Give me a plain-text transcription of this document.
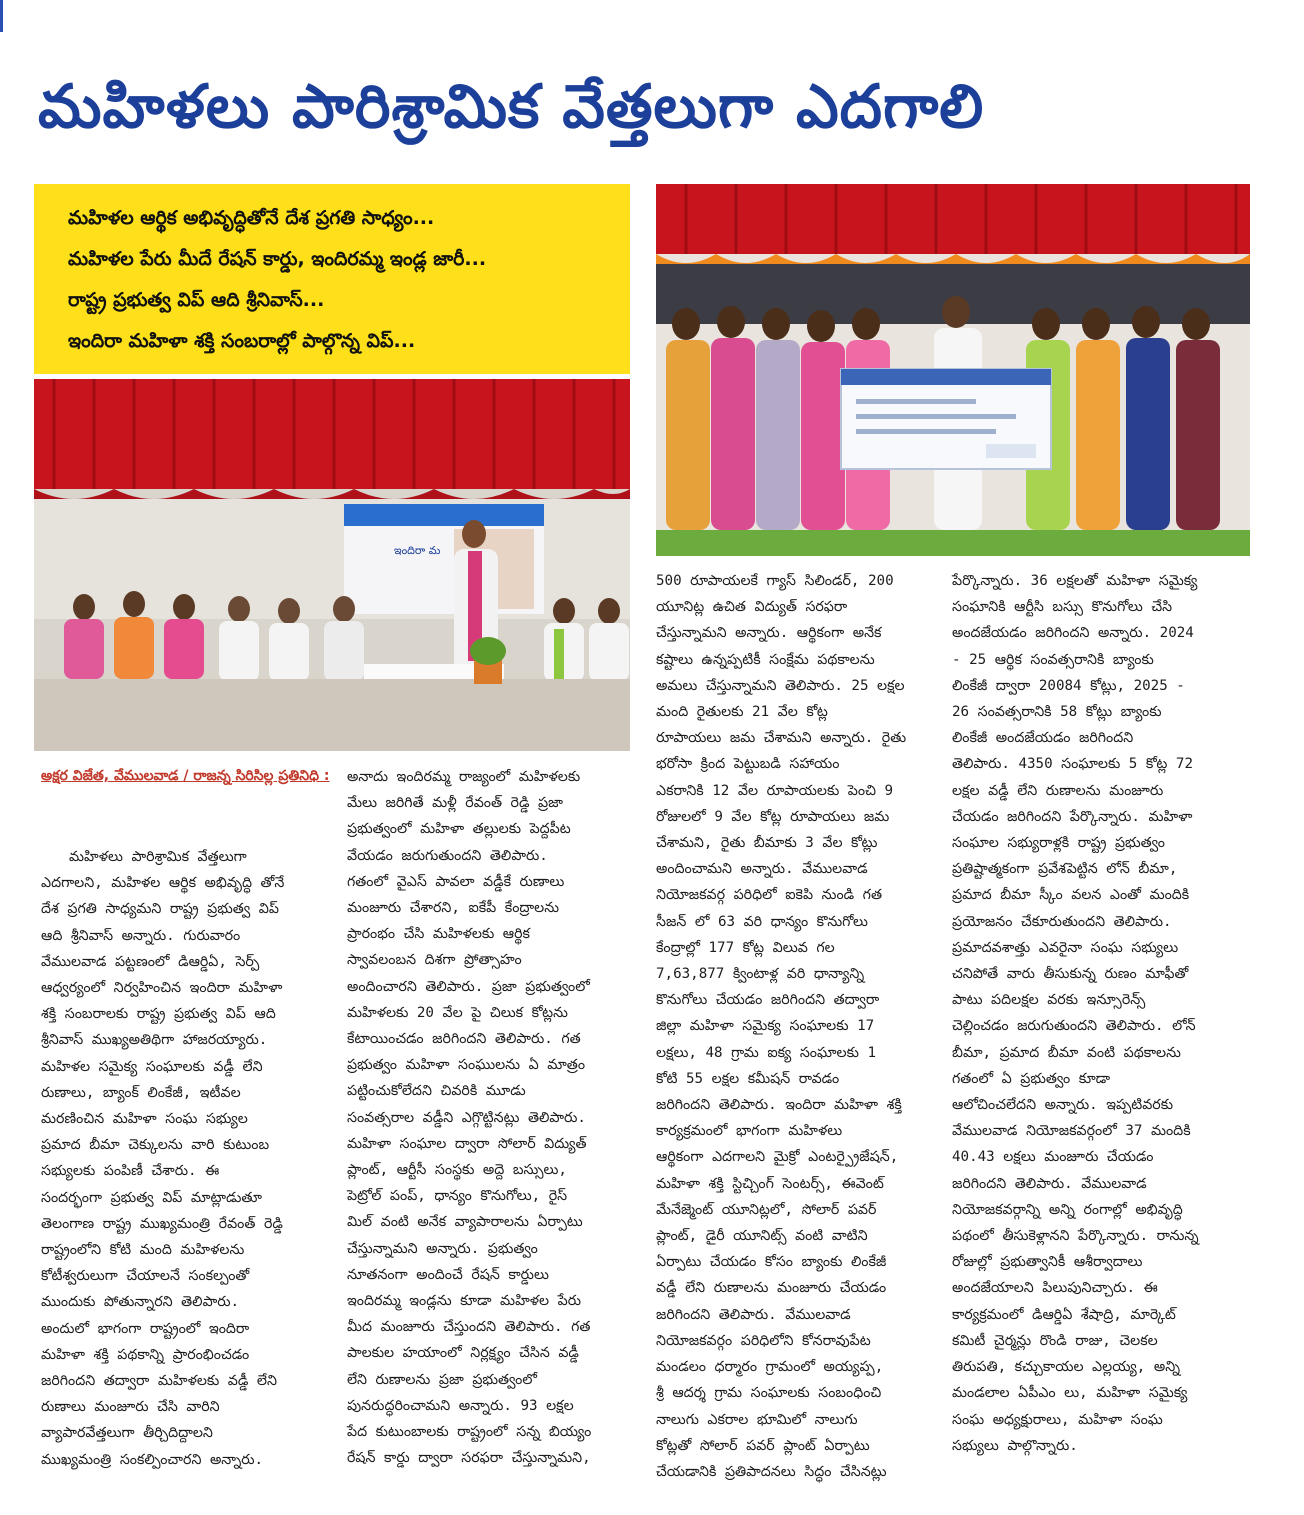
మహిళలు పారిశ్రామిక వేత్తలుగా ఎదగాలి
మహిళల ఆర్థిక అభివృద్ధితోనే దేశ ప్రగతి సాధ్యం...
మహిళల పేరు మీదే రేషన్ కార్డు, ఇందిరమ్మ ఇండ్ల జారీ...
రాష్ట్ర ప్రభుత్వ విప్ ఆది శ్రీనివాస్...
ఇందిరా మహిళా శక్తి సంబరాల్లో పాల్గొన్న విప్...
ఇందిరా మ
అక్షర విజేత, వేములవాడ / రాజన్న సిరిసిల్ల ప్రతినిధి :

మహిళలు పారిశ్రామిక వేత్తలుగా

ఎదగాలని, మహిళల ఆర్థిక అభివృద్ధి తోనే

దేశ ప్రగతి సాధ్యమని రాష్ట్ర ప్రభుత్వ విప్

ఆది శ్రీనివాస్ అన్నారు. గురువారం

వేములవాడ పట్టణంలో డిఆర్డిఏ, సెర్ప్

ఆధ్వర్యంలో నిర్వహించిన ఇందిరా మహిళా

శక్తి సంబరాలకు రాష్ట్ర ప్రభుత్వ విప్ ఆది

శ్రీనివాస్ ముఖ్యఅతిథిగా హాజరయ్యారు.

మహిళల సమైక్య సంఘాలకు వడ్డీ లేని

రుణాలు, బ్యాంక్ లింకేజీ, ఇటీవల

మరణించిన మహిళా సంఘ సభ్యుల

ప్రమాద బీమా చెక్కులను వారి కుటుంబ

సభ్యులకు పంపిణీ చేశారు. ఈ

సందర్భంగా ప్రభుత్వ విప్ మాట్లాడుతూ

తెలంగాణ రాష్ట్ర ముఖ్యమంత్రి రేవంత్ రెడ్డి

రాష్ట్రంలోని కోటి మంది మహిళలను

కోటీశ్వరులుగా చేయాలనే సంకల్పంతో

ముందుకు పోతున్నారని తెలిపారు.

అందులో భాగంగా రాష్ట్రంలో ఇందిరా

మహిళా శక్తి పథకాన్ని ప్రారంభించడం

జరిగిందని తద్వారా మహిళలకు వడ్డీ లేని

రుణాలు మంజూరు చేసి వారిని

వ్యాపారవేత్తలుగా తీర్చిదిద్దాలని

ముఖ్యమంత్రి సంకల్పించారని అన్నారు.

అనాదు ఇందిరమ్మ రాజ్యంలో మహిళలకు

మేలు జరిగితే మళ్లీ రేవంత్ రెడ్డి ప్రజా

ప్రభుత్వంలో మహిళా తల్లులకు పెద్దపీట

వేయడం జరుగుతుందని తెలిపారు.

గతంలో వైఎస్ పావలా వడ్డీకే రుణాలు

మంజూరు చేశారని, ఐకేపీ కేంద్రాలను

ప్రారంభం చేసి మహిళలకు ఆర్థిక

స్వావలంబన దిశగా ప్రోత్సాహం

అందించారని తెలిపారు. ప్రజా ప్రభుత్వంలో

మహిళలకు 20 వేల పై చిలుక కోట్లను

కేటాయించడం జరిగిందని తెలిపారు. గత

ప్రభుత్వం మహిళా సంఘులను ఏ మాత్రం

పట్టించుకోలేదని చివరికి మూడు

సంవత్సరాల వడ్డీని ఎగ్గొట్టినట్లు తెలిపారు.

మహిళా సంఘాల ద్వారా సోలార్ విద్యుత్

ప్లాంట్, ఆర్టీసీ సంస్థకు అద్దె బస్సులు,

పెట్రోల్ పంప్, ధాన్యం కొనుగోలు, రైస్

మిల్ వంటి అనేక వ్యాపారాలను ఏర్పాటు

చేస్తున్నామని అన్నారు. ప్రభుత్వం

నూతనంగా అందించే రేషన్ కార్డులు

ఇందిరమ్మ ఇండ్లను కూడా మహిళల పేరు

మీద మంజూరు చేస్తుందని తెలిపారు. గత

పాలకుల హయాంలో నిర్లక్ష్యం చేసిన వడ్డీ

లేని రుణాలను ప్రజా ప్రభుత్వంలో

పునరుద్ధరించామని అన్నారు. 93 లక్షల

పేద కుటుంబాలకు రాష్ట్రంలో సన్న బియ్యం

రేషన్ కార్డు ద్వారా సరఫరా చేస్తున్నామని,

500 రూపాయలకే గ్యాస్ సిలిండర్, 200

యూనిట్ల ఉచిత విద్యుత్ సరఫరా

చేస్తున్నామని అన్నారు. ఆర్థికంగా అనేక

కష్టాలు ఉన్నప్పటికీ సంక్షేమ పథకాలను

అమలు చేస్తున్నామని తెలిపారు. 25 లక్షల

మంది రైతులకు 21 వేల కోట్ల

రూపాయలు జమ చేశామని అన్నారు. రైతు

భరోసా క్రింద పెట్టుబడి సహాయం

ఎకరానికి 12 వేల రూపాయలకు పెంచి 9

రోజులలో 9 వేల కోట్ల రూపాయలు జమ

చేశామని, రైతు బీమాకు 3 వేల కోట్లు

అందించామని అన్నారు. వేములవాడ

నియోజకవర్గ పరిధిలో ఐకెపి నుండి గత

సీజన్ లో 63 వరి ధాన్యం కొనుగోలు

కేంద్రాల్లో 177 కోట్ల విలువ గల

7,63,877 క్వింటాళ్ల వరి ధాన్యాన్ని

కొనుగోలు చేయడం జరిగిందని తద్వారా

జిల్లా మహిళా సమైక్య సంఘాలకు 17

లక్షలు, 48 గ్రామ ఐక్య సంఘాలకు 1

కోటి 55 లక్షల కమీషన్ రావడం

జరిగిందని తెలిపారు. ఇందిరా మహిళా శక్తి

కార్యక్రమంలో భాగంగా మహిళలు

ఆర్థికంగా ఎదగాలని మైక్రో ఎంటర్ప్రైజేషన్,

మహిళా శక్తి స్టిచ్చింగ్ సెంటర్స్, ఈవెంట్

మేనేజ్మెంట్ యూనిట్లలో, సోలార్ పవర్

ప్లాంట్, డైరీ యూనిట్స్ వంటి వాటిని

ఏర్పాటు చేయడం కోసం బ్యాంకు లింకేజీ

వడ్డీ లేని రుణాలను మంజూరు చేయడం

జరిగిందని తెలిపారు. వేములవాడ

నియోజకవర్గం పరిధిలోని కోనరావుపేట

మండలం ధర్మారం గ్రామంలో అయ్యప్ప,

శ్రీ ఆదర్శ గ్రామ సంఘాలకు సంబంధించి

నాలుగు ఎకరాల భూమిలో నాలుగు

కోట్లతో సోలార్ పవర్ ప్లాంట్ ఏర్పాటు

చేయడానికి ప్రతిపాదనలు సిద్ధం చేసినట్లు

పేర్కొన్నారు. 36 లక్షలతో మహిళా సమైక్య

సంఘానికి ఆర్టీసి బస్సు కొనుగోలు చేసి

అందజేయడం జరిగిందని అన్నారు. 2024

- 25 ఆర్థిక సంవత్సరానికి బ్యాంకు

లింకేజీ ద్వారా 20084 కోట్లు, 2025 -

26 సంవత్సరానికి 58 కోట్లు బ్యాంకు

లింకేజీ అందజేయడం జరిగిందని

తెలిపారు. 4350 సంఘాలకు 5 కోట్ల 72

లక్షల వడ్డీ లేని రుణాలను మంజూరు

చేయడం జరిగిందని పేర్కొన్నారు. మహిళా

సంఘాల సభ్యురాళ్లకి రాష్ట్ర ప్రభుత్వం

ప్రతిష్టాత్మకంగా ప్రవేశపెట్టిన లోన్ బీమా,

ప్రమాద బీమా స్కీం వలన ఎంతో మందికి

ప్రయోజనం చేకూరుతుందని తెలిపారు.

ప్రమాదవశాత్తు ఎవరైనా సంఘ సభ్యులు

చనిపోతే వారు తీసుకున్న రుణం మాఫీతో

పాటు పదిలక్షల వరకు ఇన్సూరెన్స్

చెల్లించడం జరుగుతుందని తెలిపారు. లోన్

బీమా, ప్రమాద బీమా వంటి పథకాలను

గతంలో ఏ ప్రభుత్వం కూడా

ఆలోచించలేదని అన్నారు. ఇప్పటివరకు

వేములవాడ నియోజకవర్గంలో 37 మందికి

40.43 లక్షలు మంజూరు చేయడం

జరిగిందని తెలిపారు. వేములవాడ

నియోజకవర్గాన్ని అన్ని రంగాల్లో అభివృద్ధి

పథంలో తీసుకెళ్లానని పేర్కొన్నారు. రానున్న

రోజుల్లో ప్రభుత్వానికీ ఆశీర్వాదాలు

అందజేయాలని పిలుపునిచ్చారు. ఈ

కార్యక్రమంలో డిఆర్డిఏ శేషాద్రి, మార్కెట్

కమిటీ చైర్మన్లు రొండి రాజు, చెలకల

తిరుపతి, కచ్చుకాయల ఎల్లయ్య, అన్ని

మండలాల ఏపీఎం లు, మహిళా సమైక్య

సంఘ అధ్యక్షురాలు, మహిళా సంఘ

సభ్యులు పాల్గొన్నారు.
